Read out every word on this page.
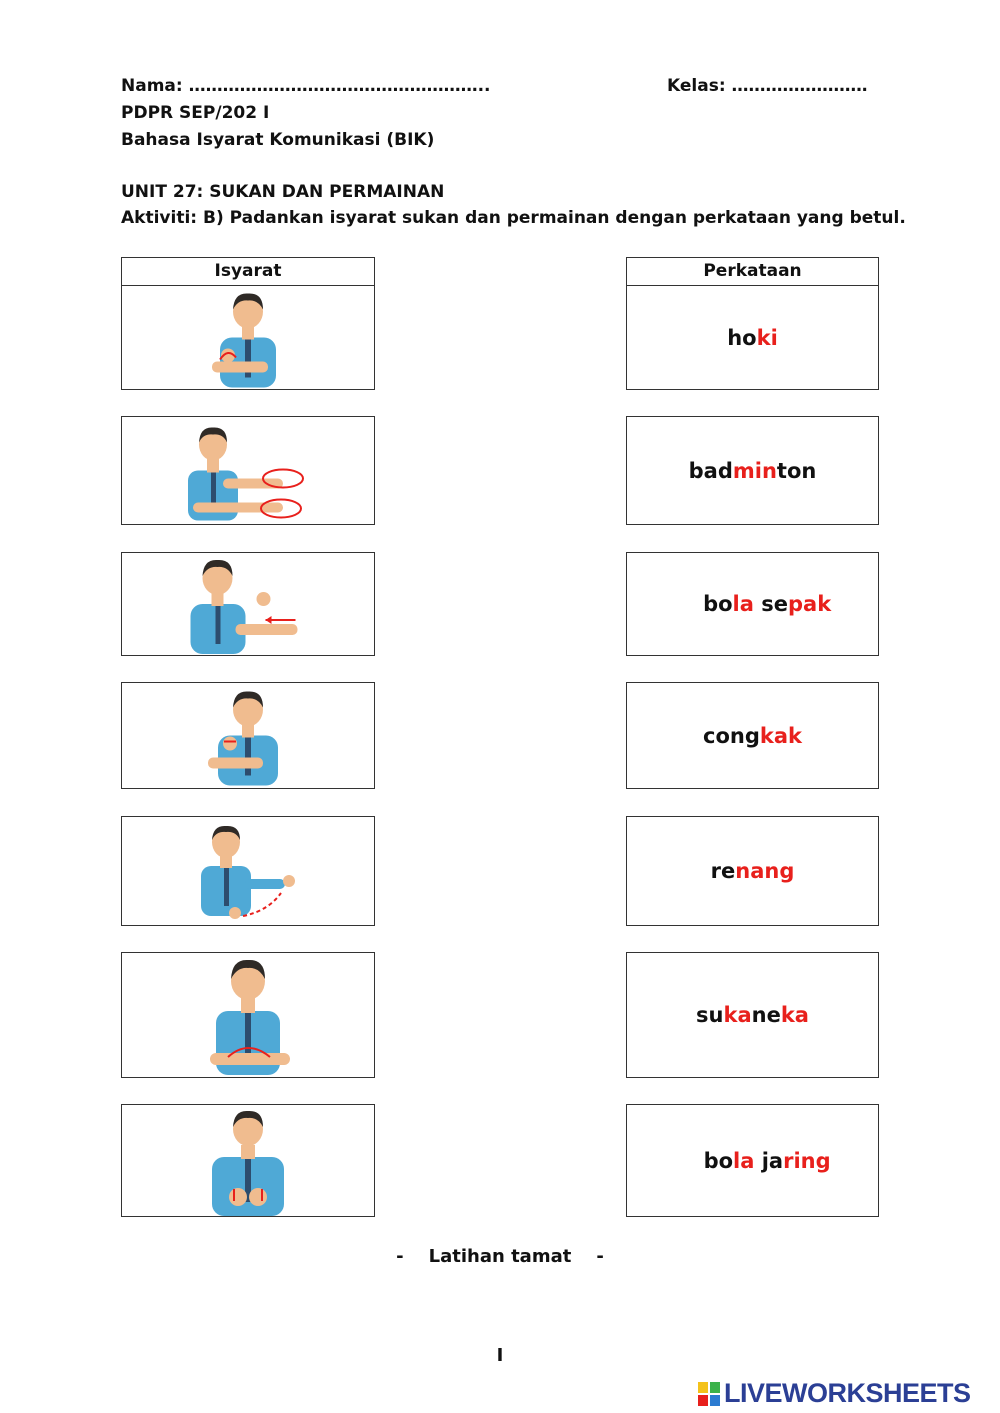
Nama: ……………………………………………..	Kelas: ……………………
PDPR SEP/202 I
Bahasa Isyarat Komunikasi (BIK)
UNIT 27: SUKAN DAN PERMAINAN
Aktiviti: B) Padankan isyarat sukan dan permainan dengan perkataan yang betul.
Isyarat	Perkataan
hoki
badminton

bola sepak

congkak
renang
sukaneka

bola jaring

-    Latihan tamat    -
I
LIVEWORKSHEETS
